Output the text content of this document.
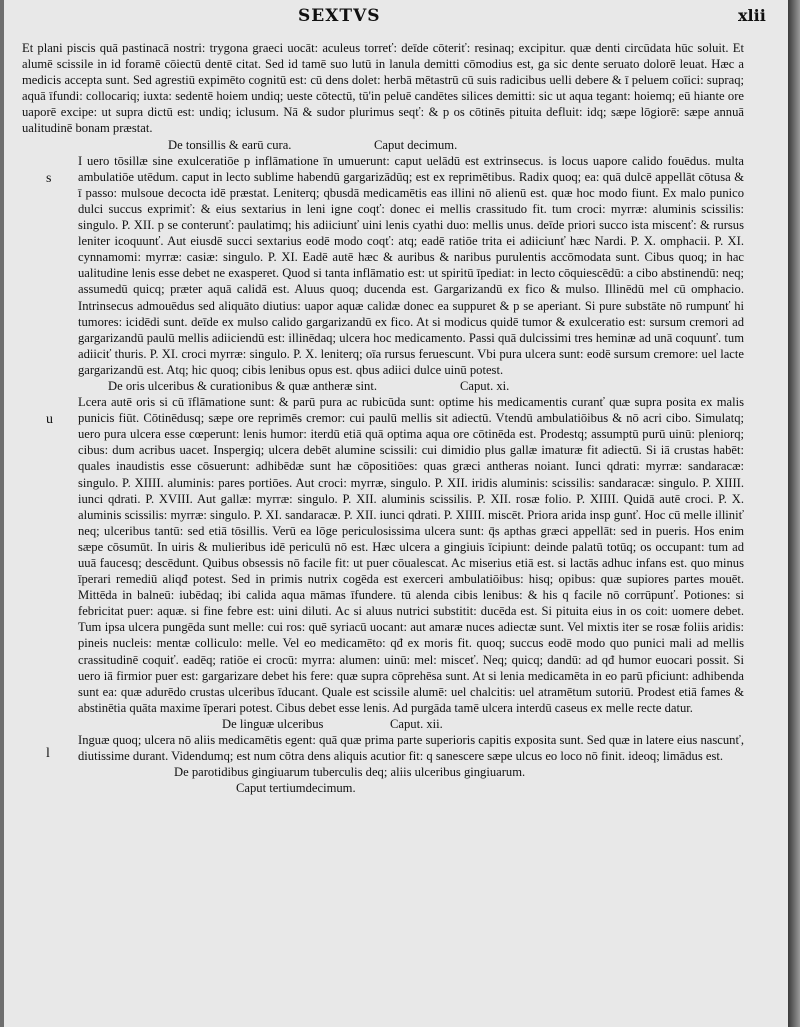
SEXTVS	xlii

Et plani piscis quā pastinacā nostri: trygona graeci uocāt: aculeus torreť: deīde cōteriť: resinaq; excipitur. quæ denti circūdata hūc soluit. Et alumē scissile in id foramē cōiectū dentē citat. Sed id tamē suo lutū in lanula demitti cōmodius est, ga sic dente seruato dolorē leuat. Hæc a medicis accepta sunt. Sed agrestiū expimēto cognitū est: cū dens dolet: herbā mētastrū cū suis radicibus uelli debere & ī peluem coīici: supraq; aquā īfundi: collocariq; iuxta: sedentē hoiem undiq; ueste cōtectū, tū'in peluē candētes silices demitti: sic ut aqua tegant: hoiemq; eū hiante ore uaporē excipe: ut supra dictū est: undiq; iclusum. Nā & sudor plurimus seqť: & p os cōtinēs pituita defluit: idq; sæpe lōgiorē: sæpe annuā ualitudinē bonam præstat.

De tonsillis & earū cura.	Caput decimum.
s

I uero tōsillæ sine exulceratiōe p inflāmatione īn umuerunt: caput uelādū est extrinsecus. is locus uapore calido fouēdus. multa ambulatiōe utēdum. caput in lecto sublime habendū gargarizādūq; est ex reprimētibus. Radix quoq; ea: quā dulcē appellāt cōtusa & ī passo: mulsoue decocta idē præstat. Leniterq; qbusdā medicamētis eas illini nō alienū est. quæ hoc modo fiunt. Ex malo punico dulci succus exprimiť: & eius sextarius in leni igne coqť: donec ei mellis crassitudo fit. tum croci: myrræ: aluminis scissilis: singulo. P. XII. p se conterunť: paulatimq; his adiiciunť uini lenis cyathi duo: mellis unus. deīde priori succo ista miscenť: & rursus leniter icoquunť. Aut eiusdē succi sextarius eodē modo coqť: atq; eadē ratiōe trita ei adiiciunť hæc Nardi. P. X. omphacii. P. XI. cynnamomi: myrræ: casiæ: singulo. P. XI. Eadē autē hæc & auribus & naribus purulentis accōmodata sunt. Cibus quoq; in hac ualitudine lenis esse debet ne exasperet. Quod si tanta inflāmatio est: ut spiritū īpediat: in lecto cōquiescēdū: a cibo abstinendū: neq; assumedū quicq; præter aquā calidā est. Aluus quoq; ducenda est. Gargarizandū ex fico & mulso. Illinēdū mel cū omphacio. Intrinsecus admouēdus sed aliquāto diutius: uapor aquæ calidæ donec ea suppuret & p se aperiant. Si pure substāte nō rumpunť hi tumores: icidēdi sunt. deīde ex mulso calido gargarizandū ex fico. At si modicus quidē tumor & exulceratio est: sursum cremori ad gargarizandū paulū mellis adiiciendū est: illinēdaq; ulcera hoc medicamento. Passi quā dulcissimi tres heminæ ad unā coquunť. tum adiiciť thuris. P. XI. croci myrræ: singulo. P. X. leniterq; oīa rursus feruescunt. Vbi pura ulcera sunt: eodē sursum cremore: uel lacte gargarizandū est. Atq; hic quoq; cibis lenibus opus est. qbus adiici dulce uinū potest.

De oris ulceribus & curationibus & quæ antheræ sint.	Caput. xi.
u

Lcera autē oris si cū īflāmatione sunt: & parū pura ac rubicūda sunt: optime his medicamentis curanť quæ supra posita ex malis punicis fiūt. Cōtinēdusq; sæpe ore reprimēs cremor: cui paulū mellis sit adiectū. Vtendū ambulatiōibus & nō acri cibo. Simulatq; uero pura ulcera esse cœperunt: lenis humor: iterdū etiā quā optima aqua ore cōtinēda est. Prodestq; assumptū purū uinū: pleniorq; cibus: dum acribus uacet. Inspergiq; ulcera debēt alumine scissili: cui dimidio plus gallæ imaturæ fit adiectū. Si iā crustas habēt: quales inaudistis esse cōsuerunt: adhibēdæ sunt hæ cōpositiōes: quas græci antheras noiant. Iunci qdrati: myrræ: sandaracæ: singulo. P. XIIII. aluminis: pares portiōes. Aut croci: myrræ, singulo. P. XII. iridis aluminis: scissilis: sandaracæ: singulo. P. XIIII. iunci qdrati. P. XVIII. Aut gallæ: myrræ: singulo. P. XII. aluminis scissilis. P. XII. rosæ folio. P. XIIII. Quidā autē croci. P. X. aluminis scissilis: myrræ: singulo. P. XI. sandaracæ. P. XII. iunci qdrati. P. XIIII. miscēt. Priora arida insp gunť. Hoc cū melle illiniť neq; ulceribus tantū: sed etiā tōsillis. Verū ea lōge periculosissima ulcera sunt: q̄s apthas græci appellāt: sed in pueris. Hos enim sæpe cōsumūt. In uiris & mulieribus idē periculū nō est. Hæc ulcera a gingiuis īcipiunt: deinde palatū totūq; os occupant: tum ad uuā faucesq; descēdunt. Quibus obsessis nō facile fit: ut puer cōualescat. Ac miserius etiā est. si lactās adhuc infans est. quo minus īperari remediū aliqđ potest. Sed in primis nutrix cogēda est exerceri ambulatiōibus: hisq; opibus: quæ supiores partes mouēt. Mittēda in balneū: iubēdaq; ibi calida aqua māmas īfundere. tū alenda cibis lenibus: & his q facile nō corrūpunť. Potiones: si febricitat puer: aquæ. si fine febre est: uini diluti. Ac si aluus nutrici substitit: ducēda est. Si pituita eius in os coit: uomere debet. Tum ipsa ulcera pungēda sunt melle: cui ros: quē syriacū uocant: aut amaræ nuces adiectæ sunt. Vel mixtis iter se rosæ foliis aridis: pineis nucleis: mentæ colliculo: melle. Vel eo medicamēto: qđ ex moris fit. quoq; succus eodē modo quo punici mali ad mellis crassitudinē coquiť. eadēq; ratiōe ei crocū: myrra: alumen: uinū: mel: misceť. Neq; quicq; dandū: ad qđ humor euocari possit. Si uero iā firmior puer est: gargarizare debet his fere: quæ supra cōprehēsa sunt. At si lenia medicamēta in eo parū pficiunt: adhibenda sunt ea: quæ adurēdo crustas ulceribus īducant. Quale est scissile alumē: uel chalcitis: uel atramētum sutoriū. Prodest etiā fames & abstinētia quāta maxime īperari potest. Cibus debet esse lenis. Ad purgāda tamē ulcera interdū caseus ex melle recte datur.

De linguæ ulceribus	Caput. xii.
l

Inguæ quoq; ulcera nō aliis medicamētis egent: quā quæ prima parte superioris capitis exposita sunt. Sed quæ in latere eius nascunť, diutissime durant. Videndumq; est num cōtra dens aliquis acutior fit: q sanescere sæpe ulcus eo loco nō finit. ideoq; limādus est.

De parotidibus gingiuarum tuberculis deq; aliis ulceribus gingiuarum.

Caput tertiumdecimum.
